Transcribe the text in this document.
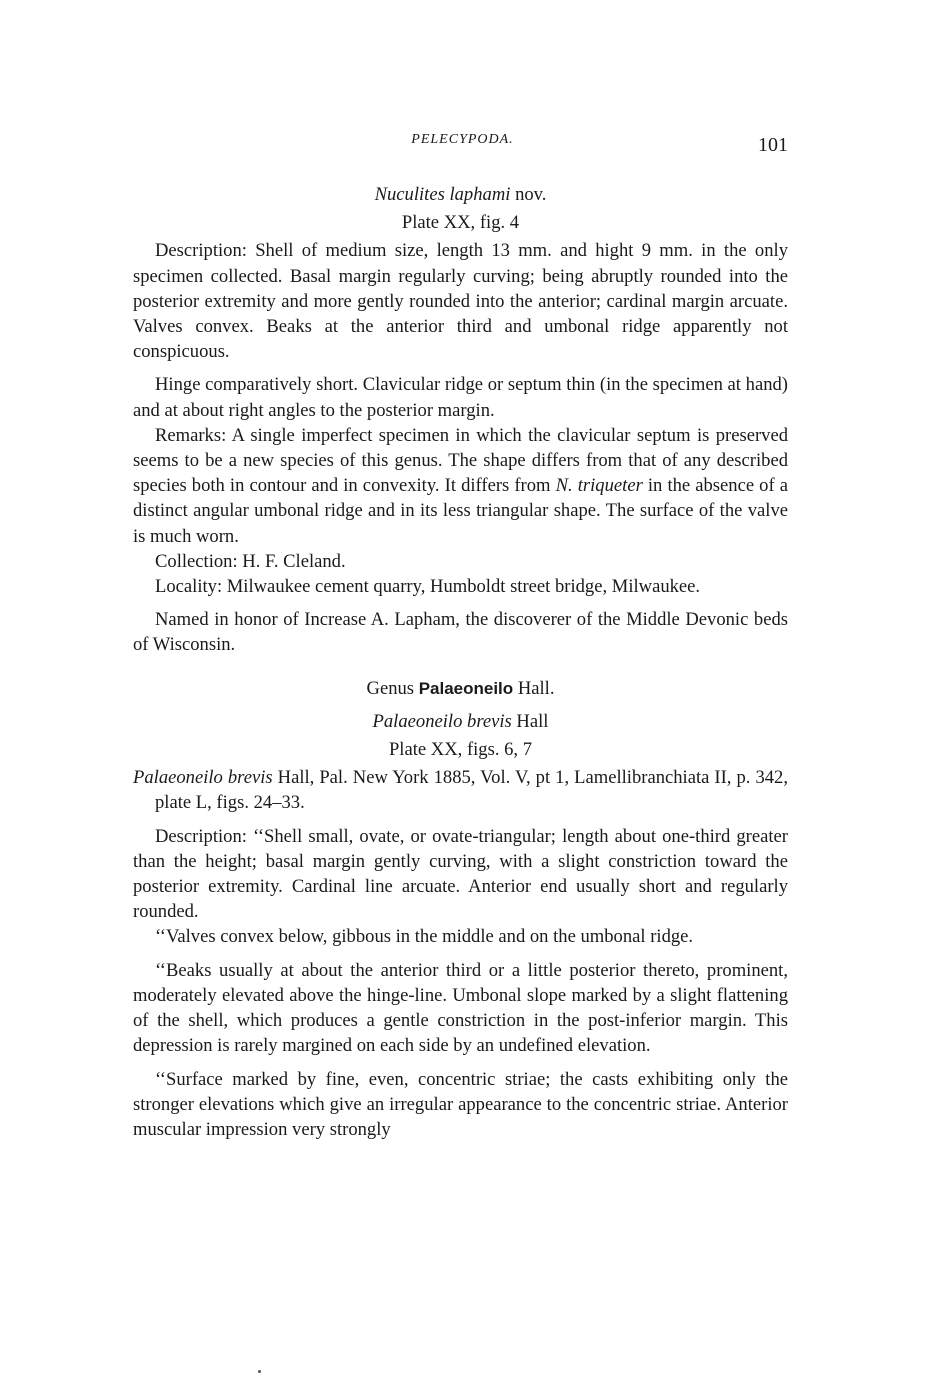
PELECYPODA.	101
Nuculites laphami nov.
Plate XX, fig. 4

Description: Shell of medium size, length 13 mm. and hight 9 mm. in the only specimen collected. Basal margin regularly curving; being abruptly rounded into the posterior extremity and more gently rounded into the anterior; cardinal margin arcuate. Valves convex. Beaks at the anterior third and umbonal ridge apparently not conspicuous.

Hinge comparatively short. Clavicular ridge or septum thin (in the specimen at hand) and at about right angles to the posterior margin.

Remarks: A single imperfect specimen in which the clavicular septum is preserved seems to be a new species of this genus. The shape differs from that of any described species both in contour and in convexity. It differs from N. triqueter in the absence of a distinct angular umbonal ridge and in its less triangular shape. The surface of the valve is much worn.

Collection: H. F. Cleland.

Locality: Milwaukee cement quarry, Humboldt street bridge, Milwaukee.

Named in honor of Increase A. Lapham, the discoverer of the Middle Devonic beds of Wisconsin.

Genus Palaeoneilo Hall.
Palaeoneilo brevis Hall
Plate XX, figs. 6, 7

Palaeoneilo brevis Hall, Pal. New York 1885, Vol. V, pt 1, Lamellibranchiata II, p. 342, plate L, figs. 24–33.

Description: ‘‘Shell small, ovate, or ovate-triangular; length about one-third greater than the height; basal margin gently curving, with a slight constriction toward the posterior extremity. Cardinal line arcuate. Anterior end usually short and regularly rounded.

‘‘Valves convex below, gibbous in the middle and on the umbonal ridge.

‘‘Beaks usually at about the anterior third or a little posterior thereto, prominent, moderately elevated above the hinge-line. Umbonal slope marked by a slight flattening of the shell, which produces a gentle constriction in the post-inferior margin. This depression is rarely margined on each side by an undefined elevation.

‘‘Surface marked by fine, even, concentric striae; the casts exhibiting only the stronger elevations which give an irregular appearance to the concentric striae. Anterior muscular impression very strongly
